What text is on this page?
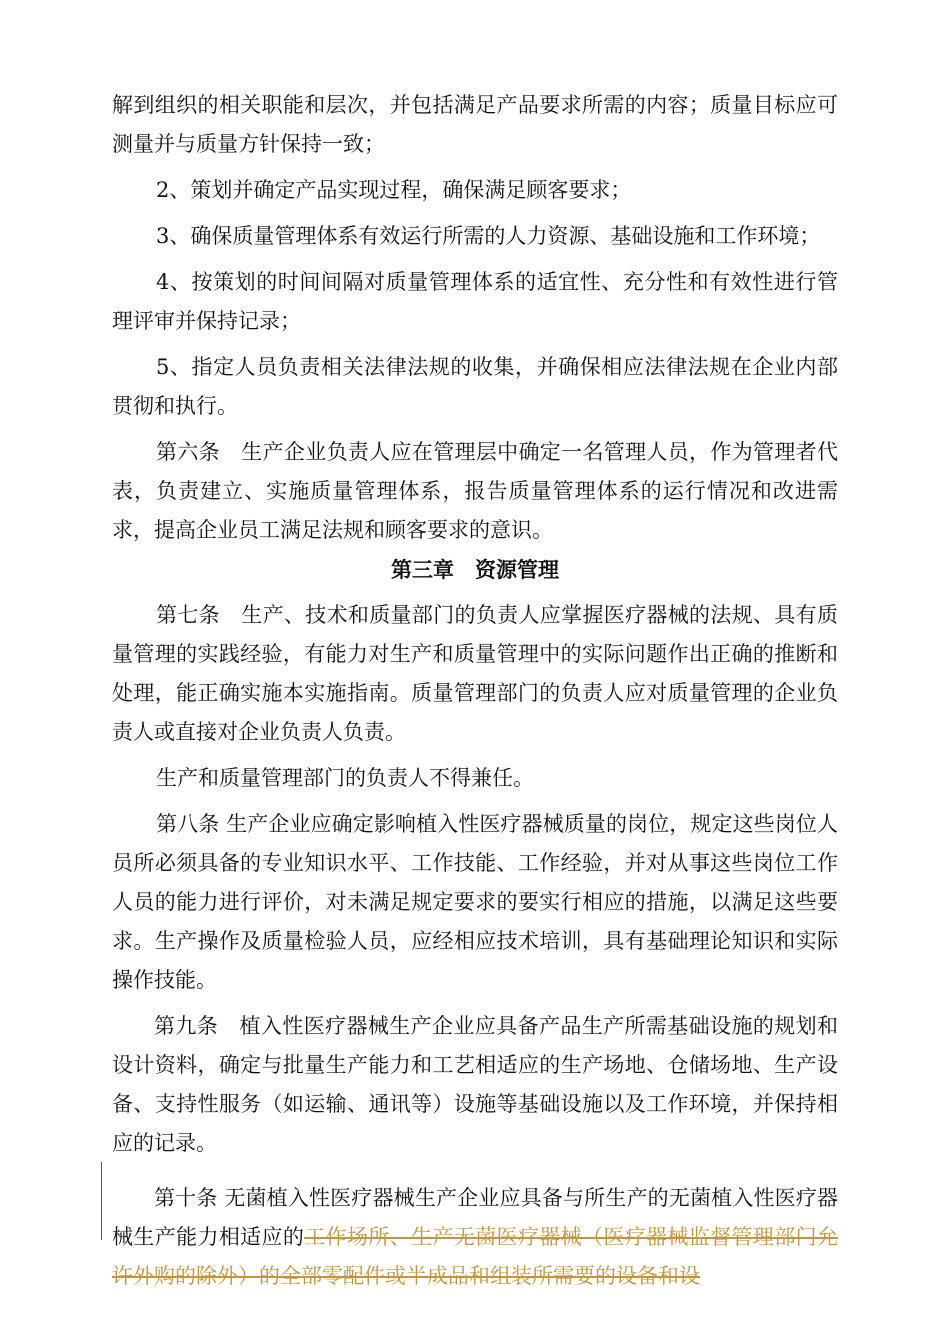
解到组织的相关职能和层次，并包括满足产品要求所需的内容；质量目标应可测量并与质量方针保持一致；

2、策划并确定产品实现过程，确保满足顾客要求；

3、确保质量管理体系有效运行所需的人力资源、基础设施和工作环境；

4、按策划的时间间隔对质量管理体系的适宜性、充分性和有效性进行管理评审并保持记录；

5、指定人员负责相关法律法规的收集，并确保相应法律法规在企业内部贯彻和执行。

第六条　生产企业负责人应在管理层中确定一名管理人员，作为管理者代表，负责建立、实施质量管理体系，报告质量管理体系的运行情况和改进需求，提高企业员工满足法规和顾客要求的意识。

第三章　资源管理

第七条　生产、技术和质量部门的负责人应掌握医疗器械的法规、具有质量管理的实践经验，有能力对生产和质量管理中的实际问题作出正确的推断和处理，能正确实施本实施指南。质量管理部门的负责人应对质量管理的企业负责人或直接对企业负责人负责。

生产和质量管理部门的负责人不得兼任。

第八条 生产企业应确定影响植入性医疗器械质量的岗位，规定这些岗位人员所必须具备的专业知识水平、工作技能、工作经验，并对从事这些岗位工作人员的能力进行评价，对未满足规定要求的要实行相应的措施，以满足这些要求。生产操作及质量检验人员，应经相应技术培训，具有基础理论知识和实际操作技能。

第九条　植入性医疗器械生产企业应具备产品生产所需基础设施的规划和设计资料，确定与批量生产能力和工艺相适应的生产场地、仓储场地、生产设备、支持性服务（如运输、通讯等）设施等基础设施以及工作环境，并保持相应的记录。

第十条 无菌植入性医疗器械生产企业应具备与所生产的无菌植入性医疗器械生产能力相适应的工作场所、生产无菌医疗器械（医疗器械监督管理部门允许外购的除外）的全部零配件或半成品和组装所需要的设备和设
